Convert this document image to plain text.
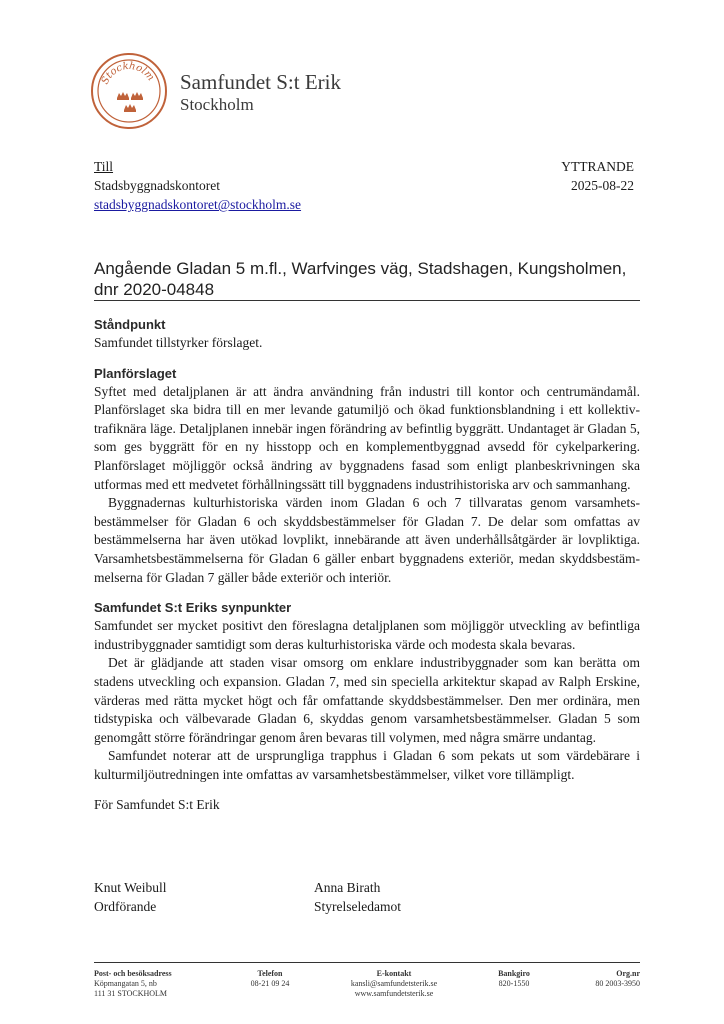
Stockholm Samfundet S:t Erik
Stockholm
Till
Stadsbyggnadskontoret
stadsbyggnadskontoret@stockholm.se
YTTRANDE
2025-08-22
Angående Gladan 5 m.fl., Warfvinges väg, Stadshagen, Kungsholmen,
dnr 2020-04848
Ståndpunkt

Samfundet tillstyrker förslaget.

Planförslaget

Syftet med detaljplanen är att ändra användning från industri till kontor och centrumändamål. Planförslaget ska bidra till en mer levande gatumiljö och ökad funktionsblandning i ett kollektivtrafiknära läge. Detaljplanen innebär ingen förändring av befintlig byggrätt. Undantaget är Gladan 5, som ges byggrätt för en ny hisstopp och en komplementbyggnad avsedd för cykelparkering. Planförslaget möjliggör också ändring av byggnadens fasad som enligt planbeskrivningen ska utformas med ett medvetet förhållningssätt till byggnadens industrihistoriska arv och sammanhang.

Byggnadernas kulturhistoriska värden inom Gladan 6 och 7 tillvaratas genom varsamhetsbestämmelser för Gladan 6 och skyddsbestämmelser för Gladan 7. De delar som omfattas av bestämmelserna har även utökad lovplikt, innebärande att även underhållsåtgärder är lovpliktiga. Varsamhetsbestämmelserna för Gladan 6 gäller enbart byggnadens exteriör, medan skyddsbestämmelserna för Gladan 7 gäller både exteriör och interiör.

Samfundet S:t Eriks synpunkter

Samfundet ser mycket positivt den föreslagna detaljplanen som möjliggör utveckling av befintliga industribyggnader samtidigt som deras kulturhistoriska värde och modesta skala bevaras.

Det är glädjande att staden visar omsorg om enklare industribyggnader som kan berätta om stadens utveckling och expansion. Gladan 7, med sin speciella arkitektur skapad av Ralph Erskine, värderas med rätta mycket högt och får omfattande skyddsbestämmelser. Den mer ordinära, men tidstypiska och välbevarade Gladan 6, skyddas genom varsamhetsbestämmelser. Gladan 5 som genomgått större förändringar genom åren bevaras till volymen, med några smärre undantag.

Samfundet noterar att de ursprungliga trapphus i Gladan 6 som pekats ut som värdebärare i kulturmiljöutredningen inte omfattas av varsamhetsbestämmelser, vilket vore tillämpligt.

För Samfundet S:t Erik

Knut Weibull
Ordförande
Anna Birath
Styrelseledamot
Post- och besöksadress
Köpmangatan 5, nb
111 31 STOCKHOLM
Telefon
08-21 09 24
E-kontakt
kansli@samfundetsterik.se
www.samfundetsterik.se
Bankgiro
820-1550
Org.nr
80 2003-3950
